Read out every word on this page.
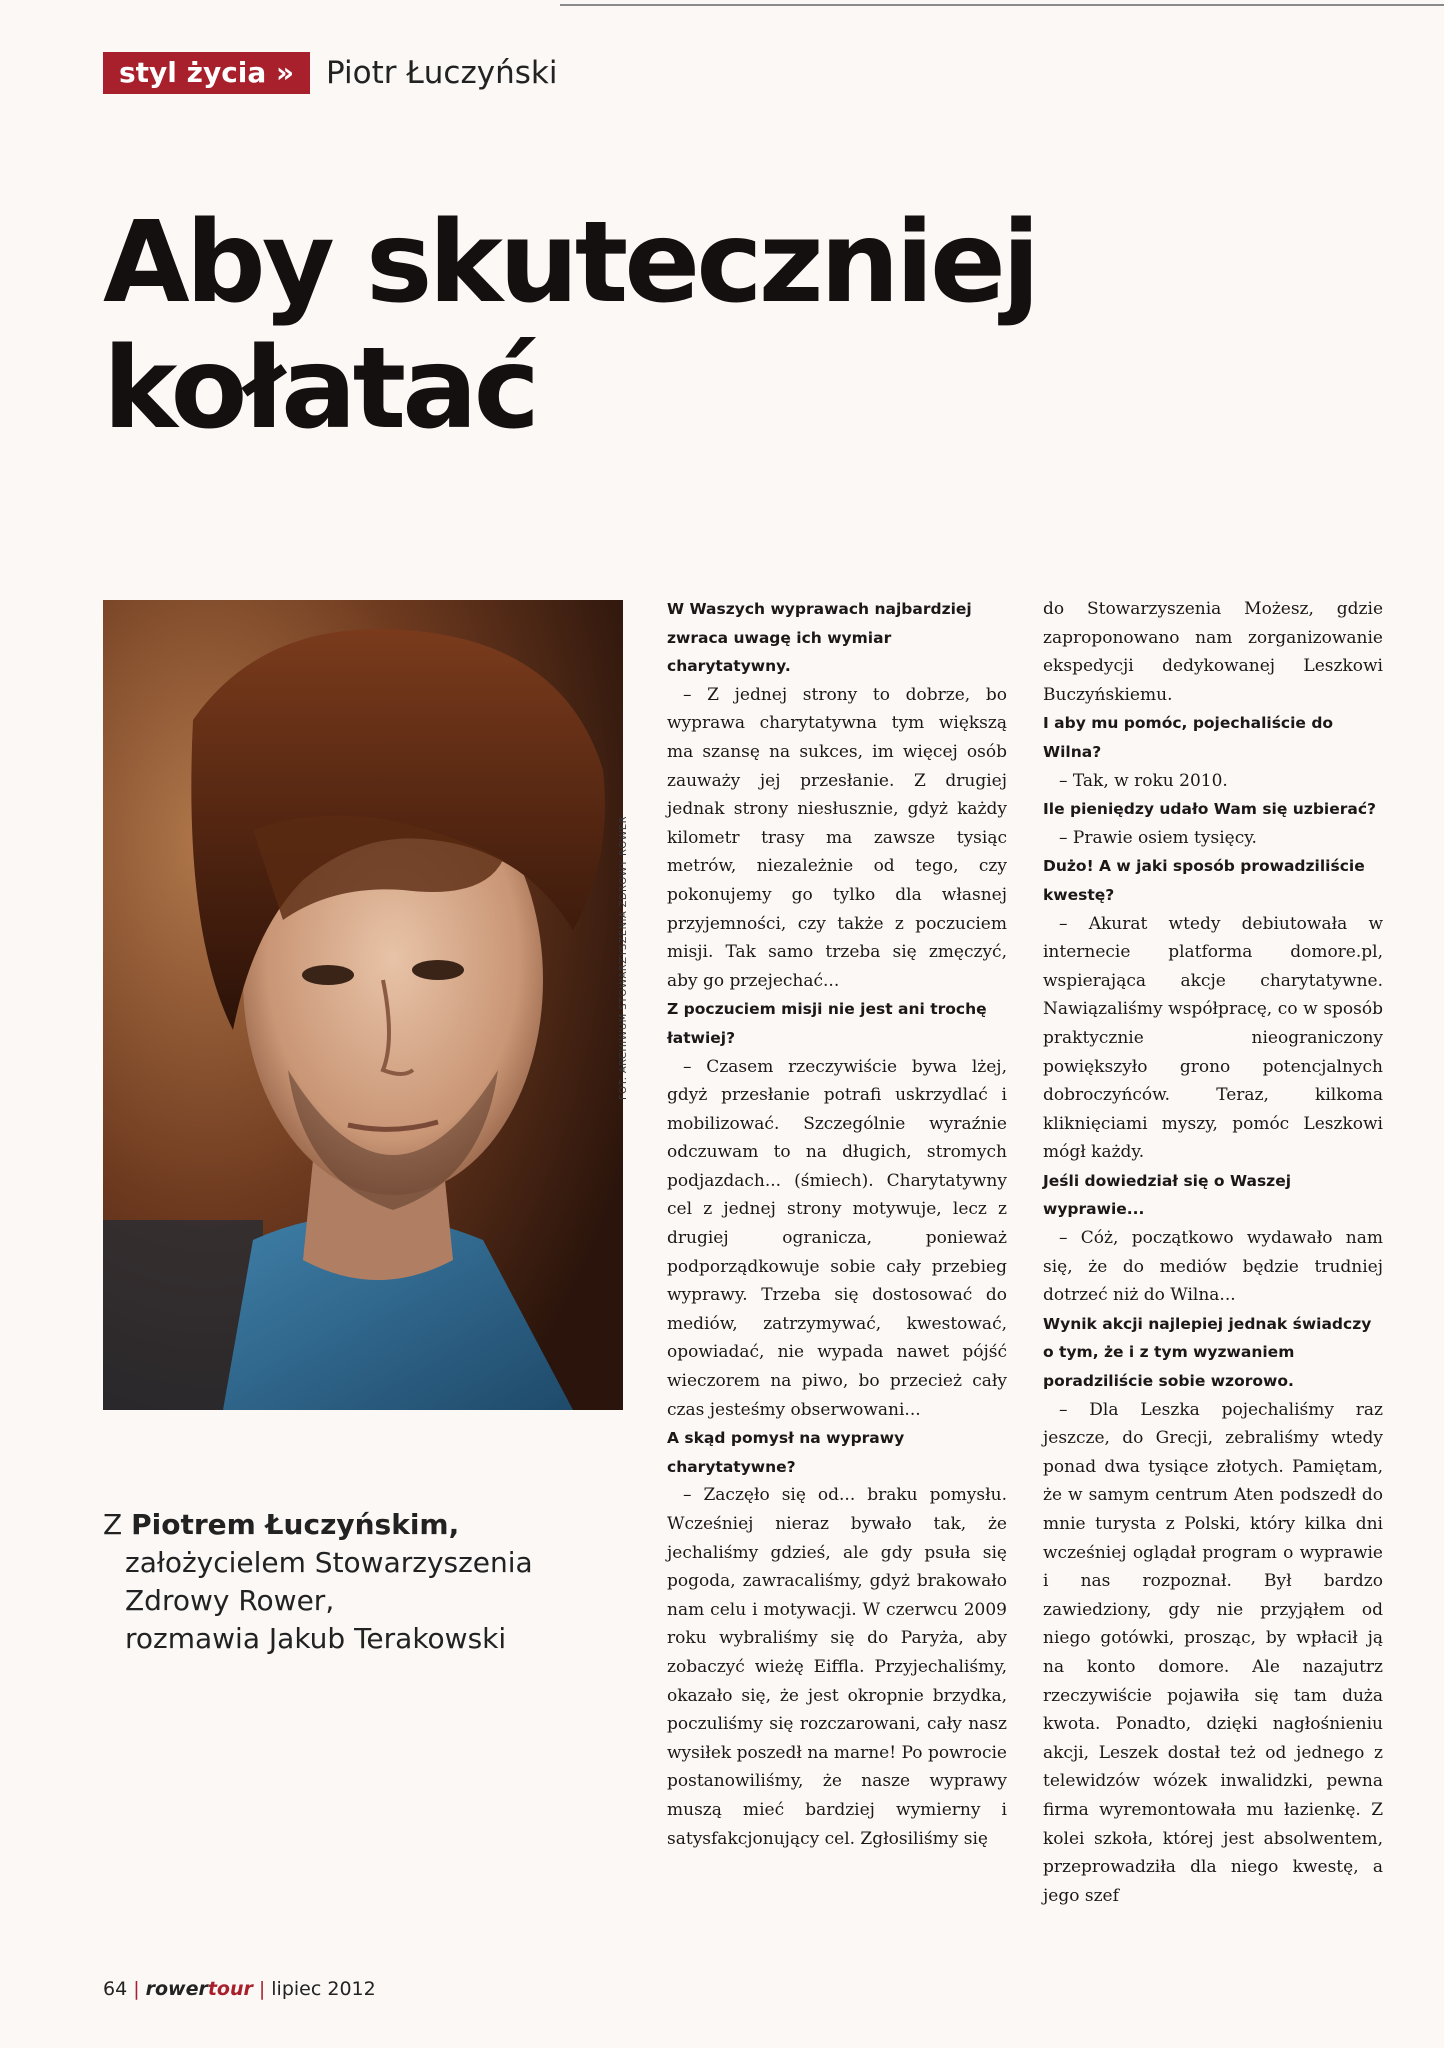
styl życia »	Piotr Łuczyński
Aby skuteczniej
kołatać
FOT. ARCHIWUM STOWARZYSZENIA ZDROWY ROWER
Z Piotrem Łuczyńskim,
założycielem Stowarzyszenia
Zdrowy Rower,
rozmawia Jakub Terakowski

W Waszych wyprawach najbardziej zwraca uwagę ich wymiar charytatywny.

– Z jednej strony to dobrze, bo wyprawa charytatywna tym większą ma szansę na sukces, im więcej osób zauważy jej przesłanie. Z drugiej jednak strony niesłusznie, gdyż każdy kilometr trasy ma zawsze tysiąc metrów, niezależnie od tego, czy pokonujemy go tylko dla własnej przyjemności, czy także z poczuciem misji. Tak samo trzeba się zmęczyć, aby go przejechać...

Z poczuciem misji nie jest ani trochę łatwiej?

– Czasem rzeczywiście bywa lżej, gdyż przesłanie potrafi uskrzydlać i mobilizować. Szczególnie wyraźnie odczuwam to na długich, stromych podjazdach... (śmiech). Charytatywny cel z jednej strony motywuje, lecz z drugiej ogranicza, ponieważ podporządkowuje sobie cały przebieg wyprawy. Trzeba się dostosować do mediów, zatrzymywać, kwestować, opowiadać, nie wypada nawet pójść wieczorem na piwo, bo przecież cały czas jesteśmy obserwowani...

A skąd pomysł na wyprawy charytatywne?

– Zaczęło się od... braku pomysłu. Wcześniej nieraz bywało tak, że jechaliśmy gdzieś, ale gdy psuła się pogoda, zawracaliśmy, gdyż brakowało nam celu i motywacji. W czerwcu 2009 roku wybraliśmy się do Paryża, aby zobaczyć wieżę Eiffla. Przyjechaliśmy, okazało się, że jest okropnie brzydka, poczuliśmy się rozczarowani, cały nasz wysiłek poszedł na marne! Po powrocie postanowiliśmy, że nasze wyprawy muszą mieć bardziej wymierny i satysfakcjonujący cel. Zgłosiliśmy się

do Stowarzyszenia Możesz, gdzie zaproponowano nam zorganizowanie ekspedycji dedykowanej Leszkowi Buczyńskiemu.

I aby mu pomóc, pojechaliście do Wilna?

– Tak, w roku 2010.

Ile pieniędzy udało Wam się uzbierać?

– Prawie osiem tysięcy.

Dużo! A w jaki sposób prowadziliście kwestę?

– Akurat wtedy debiutowała w internecie platforma domore.pl, wspierająca akcje charytatywne. Nawiązaliśmy współpracę, co w sposób praktycznie nieograniczony powiększyło grono potencjalnych dobroczyńców. Teraz, kilkoma kliknięciami myszy, pomóc Leszkowi mógł każdy.

Jeśli dowiedział się o Waszej wyprawie...

– Cóż, początkowo wydawało nam się, że do mediów będzie trudniej dotrzeć niż do Wilna...

Wynik akcji najlepiej jednak świadczy o tym, że i z tym wyzwaniem poradziliście sobie wzorowo.

– Dla Leszka pojechaliśmy raz jeszcze, do Grecji, zebraliśmy wtedy ponad dwa tysiące złotych. Pamiętam, że w samym centrum Aten podszedł do mnie turysta z Polski, który kilka dni wcześniej oglądał program o wyprawie i nas rozpoznał. Był bardzo zawiedziony, gdy nie przyjąłem od niego gotówki, prosząc, by wpłacił ją na konto domore. Ale nazajutrz rzeczywiście pojawiła się tam duża kwota. Ponadto, dzięki nagłośnieniu akcji, Leszek dostał też od jednego z telewidzów wózek inwalidzki, pewna firma wyremontowała mu łazienkę. Z kolei szkoła, której jest absolwentem, przeprowadziła dla niego kwestę, a jego szef

64 | rowertour | lipiec 2012
